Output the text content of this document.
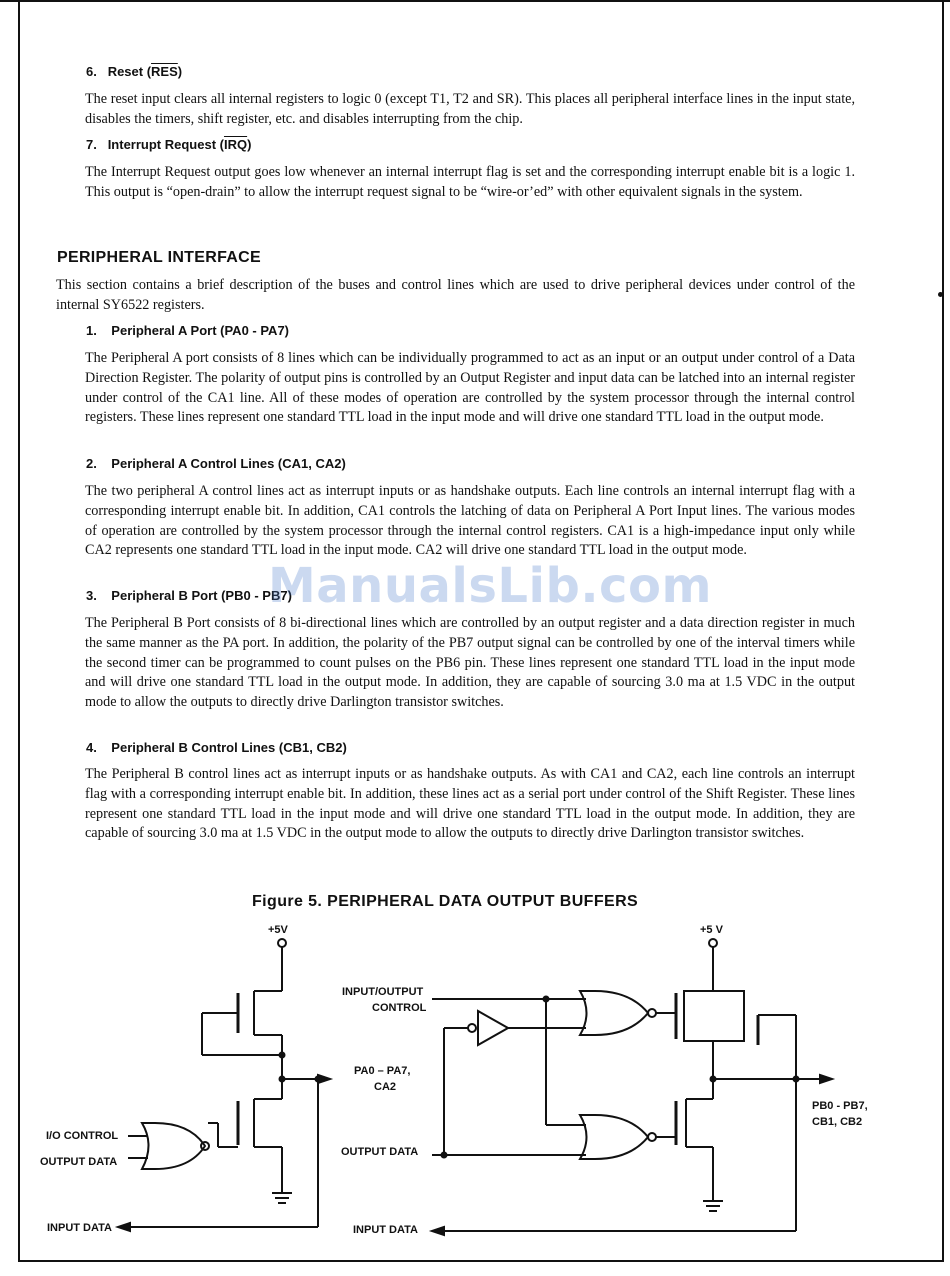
6. Reset $(\overline{RES})$
The reset input clears all internal registers to logic 0 (except T1, T2 and SR). This places all peripheral interface lines in the input state, disables the timers, shift register, etc. and disables interrupting from the chip.
7. Interrupt Request $(\overline{IRQ})$
The Interrupt Request output goes low whenever an internal interrupt flag is set and the corresponding interrupt enable bit is a logic 1. This output is “open-drain” to allow the interrupt request signal to be “wire-or’ed” with other equivalent signals in the system.
PERIPHERAL INTERFACE
This section contains a brief description of the buses and control lines which are used to drive peripheral devices under control of the internal SY6522 registers.
1. Peripheral A Port (PA0 - PA7)
The Peripheral A port consists of 8 lines which can be individually programmed to act as an input or an output under control of a Data Direction Register. The polarity of output pins is controlled by an Output Register and input data can be latched into an internal register under control of the CA1 line. All of these modes of operation are controlled by the system processor through the internal control registers. These lines represent one standard TTL load in the input mode and will drive one standard TTL load in the output mode.
2. Peripheral A Control Lines (CA1, CA2)
The two peripheral A control lines act as interrupt inputs or as handshake outputs. Each line controls an internal interrupt flag with a corresponding interrupt enable bit. In addition, CA1 controls the latching of data on Peripheral A Port Input lines. The various modes of operation are controlled by the system processor through the internal control registers. CA1 is a high-impedance input only while CA2 represents one standard TTL load in the input mode. CA2 will drive one standard TTL load in the output mode.
3. Peripheral B Port (PB0 - PB7)
The Peripheral B Port consists of 8 bi-directional lines which are controlled by an output register and a data direction register in much the same manner as the PA port. In addition, the polarity of the PB7 output signal can be controlled by one of the interval timers while the second timer can be programmed to count pulses on the PB6 pin. These lines represent one standard TTL load in the input mode and will drive one standard TTL load in the output mode. In addition, they are capable of sourcing 3.0 ma at 1.5 VDC in the output mode to allow the outputs to directly drive Darlington transistor switches.
4. Peripheral B Control Lines (CB1, CB2)
The Peripheral B control lines act as interrupt inputs or as handshake outputs. As with CA1 and CA2, each line controls an interrupt flag with a corresponding interrupt enable bit. In addition, these lines act as a serial port under control of the Shift Register. These lines represent one standard TTL load in the input mode and will drive one standard TTL load in the output mode. In addition, they are capable of sourcing 3.0 ma at 1.5 VDC in the output mode to allow the outputs to directly drive Darlington transistor switches.
ManualsLib.com
Figure 5. PERIPHERAL DATA OUTPUT BUFFERS
+5V
PA0 – PA7,
CA2
I/O CONTROL
OUTPUT DATA
INPUT DATA
+5 V
INPUT/OUTPUT
CONTROL
OUTPUT DATA
INPUT DATA
PB0 - PB7,
CB1, CB2
